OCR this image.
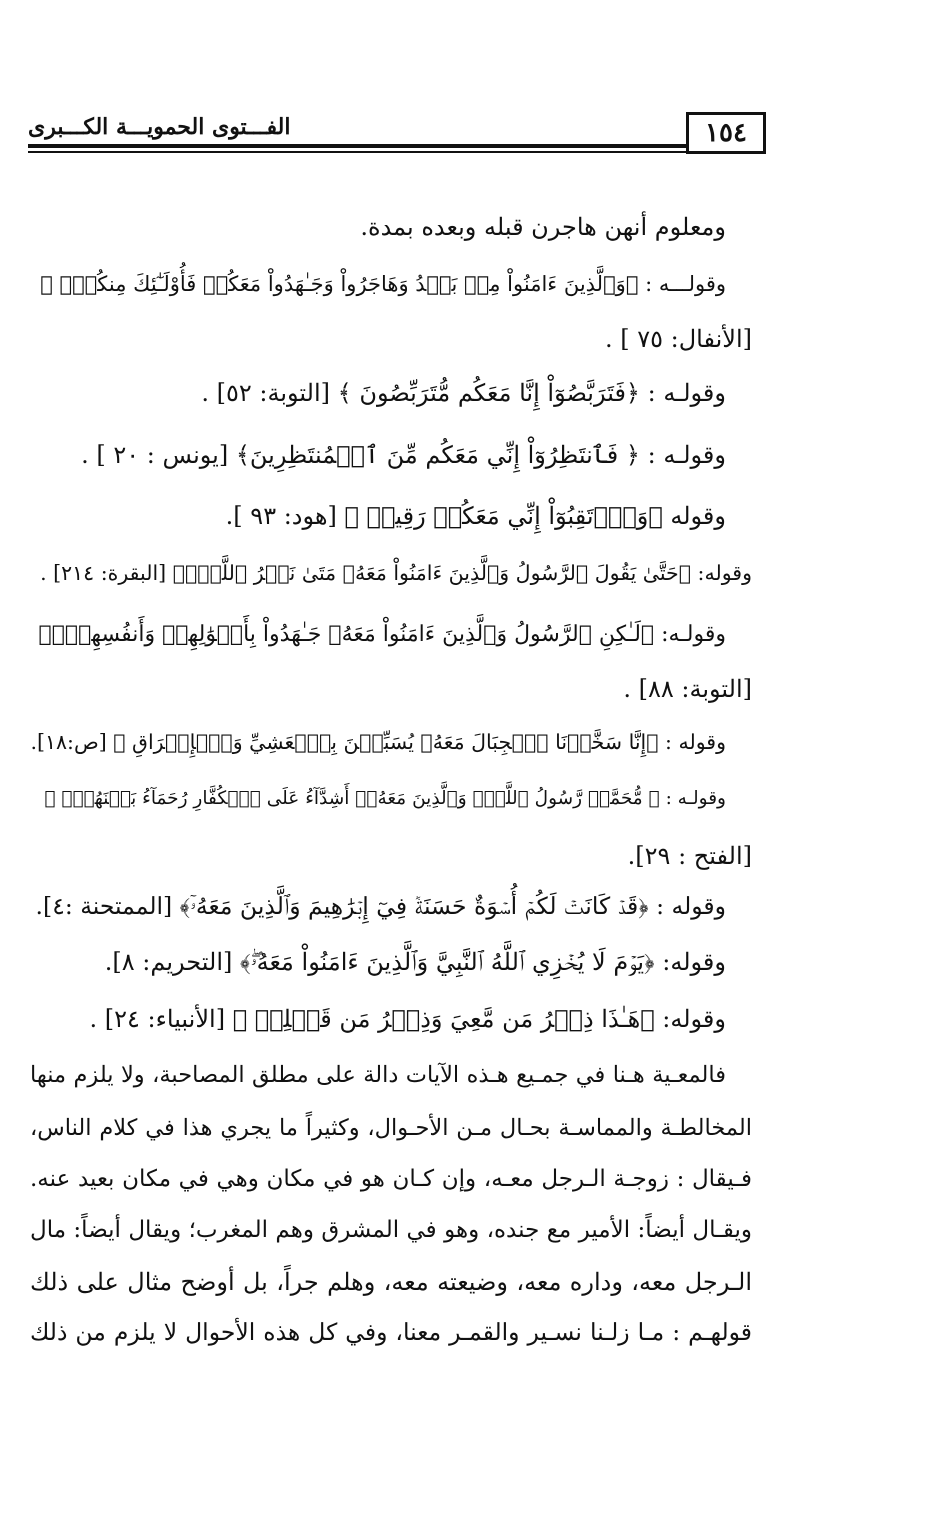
١٥٤
الفـــتوى الحمويـــة الكـــبرى
ومعلوم أنهن هاجرن قبله وبعده بمدة.
وقولـــه : ﴿وَٱلَّذِينَ ءَامَنُواْ مِنۢ بَعۡدُ وَهَاجَرُواْ وَجَـٰهَدُواْ مَعَكُمۡ فَأُوْلَـٰٓئِكَ مِنكُمۡۚ ﴾
[الأنفال: ٧٥ ] .
وقولـه : ﴿فَتَرَبَّصُوٓاْ إِنَّا مَعَكُم مُّتَرَبِّصُونَ ﴾ [التوبة: ٥٢] .
وقولـه : ﴿ فَٱنتَظِرُوٓاْ إِنِّي مَعَكُم مِّنَ ٱلۡمُنتَظِرِينَ﴾ [يونس : ٢٠ ] .
وقوله ﴿وَٱرۡتَقِبُوٓاْ إِنِّي مَعَكُمۡ رَقِيبٞ ﴾ [هود: ٩٣ ].
وقوله: ﴿حَتَّىٰ يَقُولَ ٱلرَّسُولُ وَٱلَّذِينَ ءَامَنُواْ مَعَهُۥ مَتَىٰ نَصۡرُ ٱللَّهِۗ﴾ [البقرة: ٢١٤] .
وقولـه: ﴿لَـٰكِنِ ٱلرَّسُولُ وَٱلَّذِينَ ءَامَنُواْ مَعَهُۥ جَـٰهَدُواْ بِأَمۡوَٰلِهِمۡ وَأَنفُسِهِمۡۚ﴾
[التوبة: ٨٨] .
وقوله : ﴿إِنَّا سَخَّرۡنَا ٱلۡجِبَالَ مَعَهُۥ يُسَبِّحۡنَ بِٱلۡعَشِيِّ وَٱلۡإِشۡرَاقِ ﴾ [ص:١٨].
وقولـه : ﴿ مُّحَمَّدٞ رَّسُولُ ٱللَّهِۚ وَٱلَّذِينَ مَعَهُۥٓ أَشِدَّآءُ عَلَى ٱلۡكُفَّارِ رُحَمَآءُ بَيۡنَهُمۡۖ ﴾
[الفتح : ٢٩].
وقوله : ﴿قَدۡ كَانَتۡ لَكُمۡ أُسۡوَةٌ حَسَنَةٞ فِيٓ إِبۡرَٰهِيمَ وَٱلَّذِينَ مَعَهُۥٓ﴾ [الممتحنة :٤].
وقوله: ﴿يَوۡمَ لَا يُخۡزِي ٱللَّهُ ٱلنَّبِيَّ وَٱلَّذِينَ ءَامَنُواْ مَعَهُۥۖ﴾ [التحريم: ٨].
وقوله: ﴿هَـٰذَا ذِكۡرُ مَن مَّعِيَ وَذِكۡرُ مَن قَبۡلِيۗ ﴾ [الأنبياء: ٢٤] .
فالمعـية هـنا في جمـيع هـذه الآيات دالة على مطلق المصاحبة، ولا يلزم منها
المخالطـة والمماسـة بحـال مـن الأحـوال، وكثيراً ما يجري هذا في كلام الناس،
فـيقال : زوجـة الـرجل معـه، وإن كـان هو في مكان وهي في مكان بعيد عنه.
ويقـال أيضاً: الأمير مع جنده، وهو في المشرق وهم المغرب؛ ويقال أيضاً: مال
الـرجل معه، وداره معه، وضيعته معه، وهلم جراً، بل أوضح مثال على ذلك
قولهـم : مـا زلـنا نسـير والقمـر معنا، وفي كل هذه الأحوال لا يلزم من ذلك
